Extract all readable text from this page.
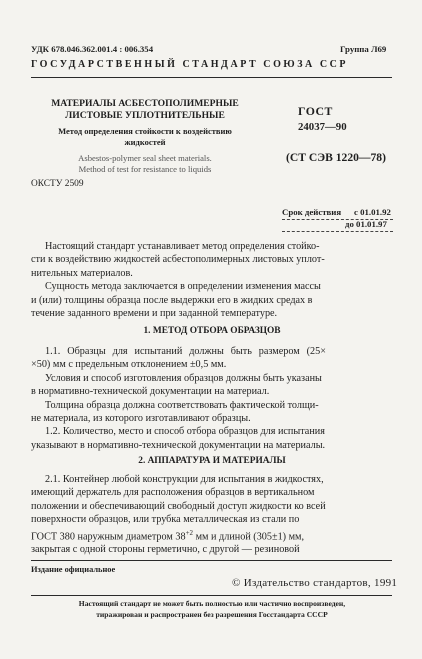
УДК 678.046.362.001.4 : 006.354	Группа Л69
ГОСУДАРСТВЕННЫЙ СТАНДАРТ СОЮЗА ССР
МАТЕРИАЛЫ АСБЕСТОПОЛИМЕРНЫЕ
ЛИСТОВЫЕ УПЛОТНИТЕЛЬНЫЕ
Метод определения стойкости к воздействию
жидкостей
Asbestos-polymer seal sheet materials.
Method of test for resistance to liquids
ОКСТУ 2509
ГОСТ
24037—90
(СТ СЭВ 1220—78)
Срок действия с 01.01.92
до 01.01.97
Настоящий стандарт устанавливает метод определения стойко-
сти к воздействию жидкостей асбестополимерных листовых уплот-
нительных материалов.
Сущность метода заключается в определении изменения массы
и (или) толщины образца после выдержки его в жидких средах в
течение заданного времени и при заданной температуре.
1. МЕТОД ОТБОРА ОБРАЗЦОВ
1.1. Образцы для испытаний должны быть размером (25×
×50) мм с предельным отклонением ±0,5 мм.
Условия и способ изготовления образцов должны быть указаны
в нормативно-технической документации на материал.
Толщина образца должна соответствовать фактической толщи-
не материала, из которого изготавливают образцы.
1.2. Количество, место и способ отбора образцов для испытания
указывают в нормативно-технической документации на материалы.
2. АППАРАТУРА И МАТЕРИАЛЫ
2.1. Контейнер любой конструкции для испытания в жидкостях,
имеющий держатель для расположения образцов в вертикальном
положении и обеспечивающий свободный доступ жидкости ко всей
поверхности образцов, или трубка металлическая из стали по
ГОСТ 380 наружным диаметром $38^{+2}$ мм и длиной (305±1) мм,
закрытая с одной стороны герметично, с другой — резиновой
Издание официальное
© Издательство стандартов, 1991
Настоящий стандарт не может быть полностью или частично воспроизведен,
тиражирован и распространен без разрешения Госстандарта СССР
